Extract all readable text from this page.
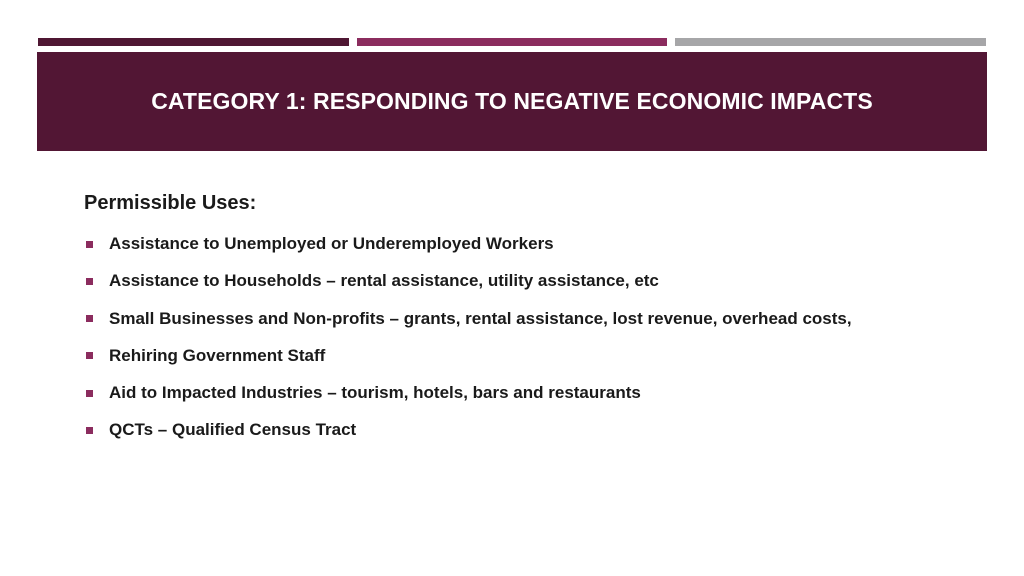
CATEGORY 1: RESPONDING TO NEGATIVE ECONOMIC IMPACTS

Permissible Uses:

Assistance to Unemployed or Underemployed Workers
Assistance to Households – rental assistance, utility assistance, etc
Small Businesses and Non-profits – grants, rental assistance, lost revenue, overhead costs,
Rehiring Government Staff
Aid to Impacted Industries – tourism, hotels, bars and restaurants
QCTs – Qualified Census Tract
